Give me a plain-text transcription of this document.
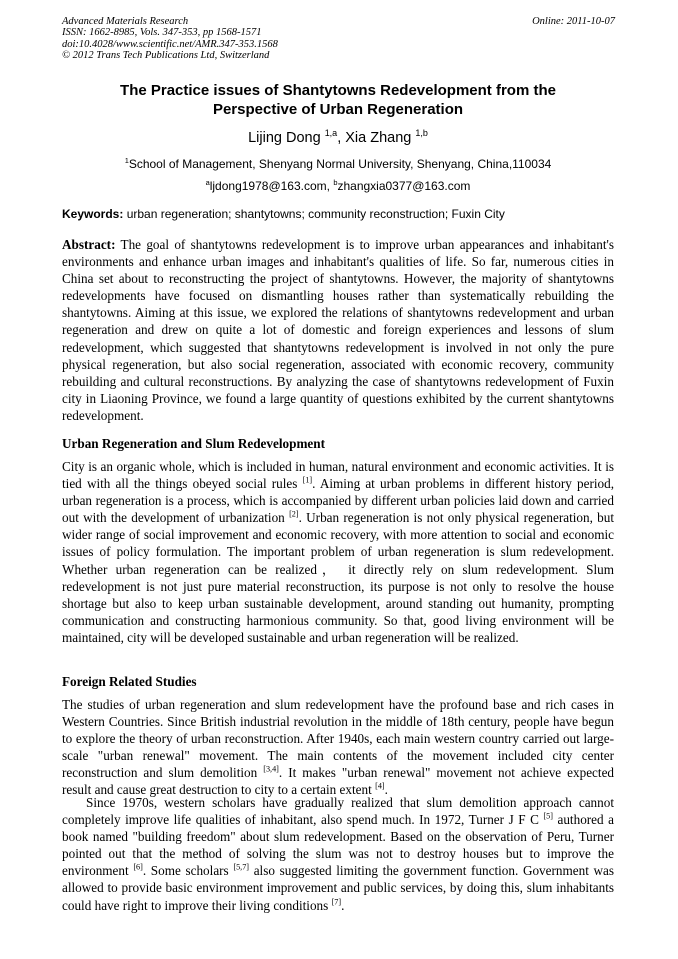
Advanced Materials Research
ISSN: 1662-8985, Vols. 347-353, pp 1568-1571
doi:10.4028/www.scientific.net/AMR.347-353.1568
© 2012 Trans Tech Publications Ltd, Switzerland
Online: 2011-10-07
The Practice issues of Shantytowns Redevelopment from the
Perspective of Urban Regeneration
Lijing Dong $^{1,a}$, Xia Zhang $^{1,b}$
$^1$School of Management, Shenyang Normal University, Shenyang, China,110034
$^a$ljdong1978@163.com, $^b$zhangxia0377@163.com
Keywords: urban regeneration; shantytowns; community reconstruction; Fuxin City

Abstract: The goal of shantytowns redevelopment is to improve urban appearances and inhabitant's environments and enhance urban images and inhabitant's qualities of life. So far, numerous cities in China set about to reconstructing the project of shantytowns. However, the majority of shantytowns redevelopments have focused on dismantling houses rather than systematically rebuilding the shantytowns. Aiming at this issue, we explored the relations of shantytowns redevelopment and urban regeneration and drew on quite a lot of domestic and foreign experiences and lessons of slum redevelopment, which suggested that shantytowns redevelopment is involved in not only the pure physical regeneration, but also social regeneration, associated with economic recovery, community rebuilding and cultural reconstructions. By analyzing the case of shantytowns redevelopment of Fuxin city in Liaoning Province, we found a large quantity of questions exhibited by the current shantytowns redevelopment.

Urban Regeneration and Slum Redevelopment

City is an organic whole, which is included in human, natural environment and economic activities. It is tied with all the things obeyed social rules [1]. Aiming at urban problems in different history period, urban regeneration is a process, which is accompanied by different urban policies laid down and carried out with the development of urbanization [2]. Urban regeneration is not only physical regeneration, but wider range of social improvement and economic recovery, with more attention to social and economic issues of policy formulation. The important problem of urban regeneration is slum redevelopment. Whether urban regeneration can be realized， it directly rely on slum redevelopment. Slum redevelopment is not just pure material reconstruction, its purpose is not only to resolve the house shortage but also to keep urban sustainable development, around standing out humanity, prompting communication and constructing harmonious community. So that, good living environment will be maintained, city will be developed sustainable and urban regeneration will be realized.

Foreign Related Studies

The studies of urban regeneration and slum redevelopment have the profound base and rich cases in Western Countries. Since British industrial revolution in the middle of 18th century, people have begun to explore the theory of urban reconstruction. After 1940s, each main western country carried out large-scale "urban renewal" movement. The main contents of the movement included city center reconstruction and slum demolition [3,4]. It makes "urban renewal" movement not achieve expected result and cause great destruction to city to a certain extent [4].

Since 1970s, western scholars have gradually realized that slum demolition approach cannot completely improve life qualities of inhabitant, also spend much. In 1972, Turner J F C [5] authored a book named "building freedom" about slum redevelopment. Based on the observation of Peru, Turner pointed out that the method of solving the slum was not to destroy houses but to improve the environment [6]. Some scholars [5,7] also suggested limiting the government function. Government was allowed to provide basic environment improvement and public services, by doing this, slum inhabitants could have right to improve their living conditions [7].
